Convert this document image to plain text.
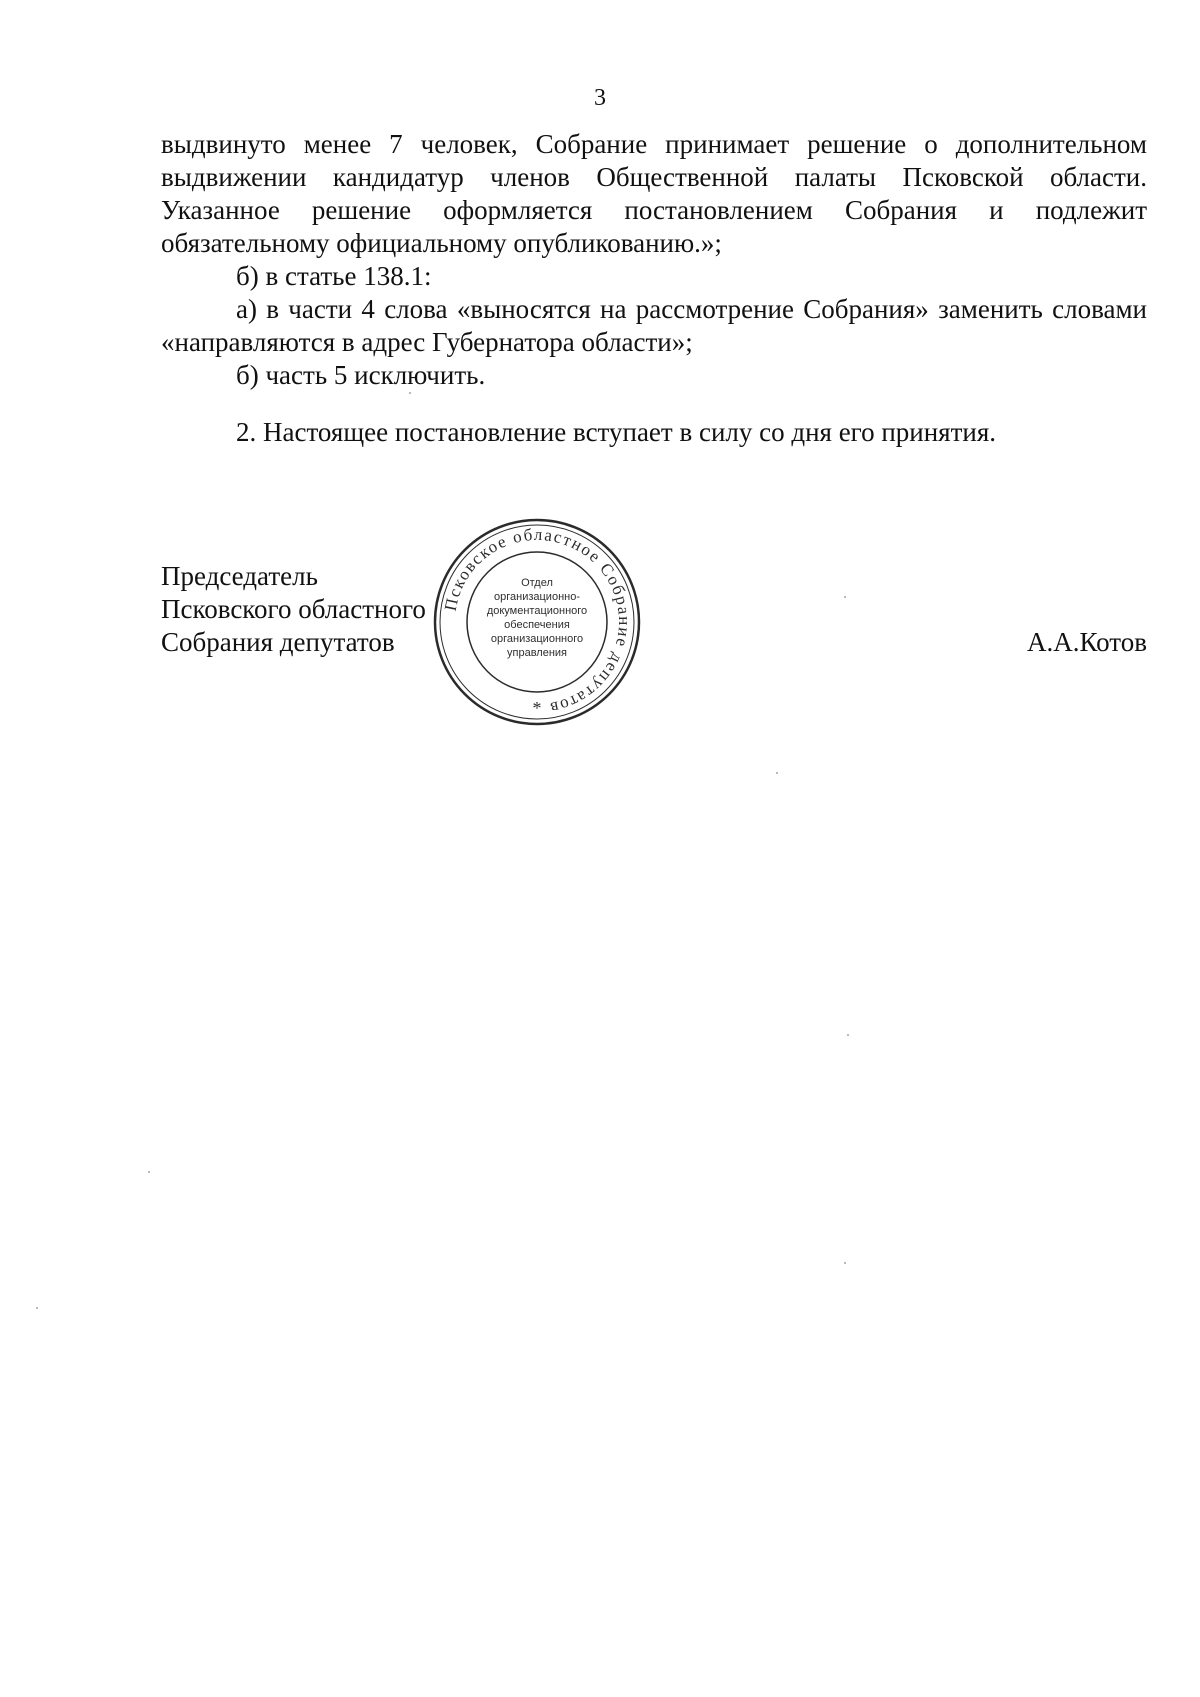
3

выдвинуто менее 7 человек, Собрание принимает решение о дополнительном выдвижении кандидатур членов Общественной палаты Псковской области. Указанное решение оформляется постановлением Собрания и подлежит обязательному официальному опубликованию.»;

б) в статье 138.1:

а) в части 4 слова «выносятся на рассмотрение Собрания» заменить словами «направляются в адрес Губернатора области»;

б) часть 5 исключить.

2. Настоящее постановление вступает в силу со дня его принятия.

Председатель
Псковского областного
Собрания депутатов	А.А.Котов
Псковское областное Собрание депутатов
Отдел
организационно-
документационного
обеспечения
организационного
управления
*
